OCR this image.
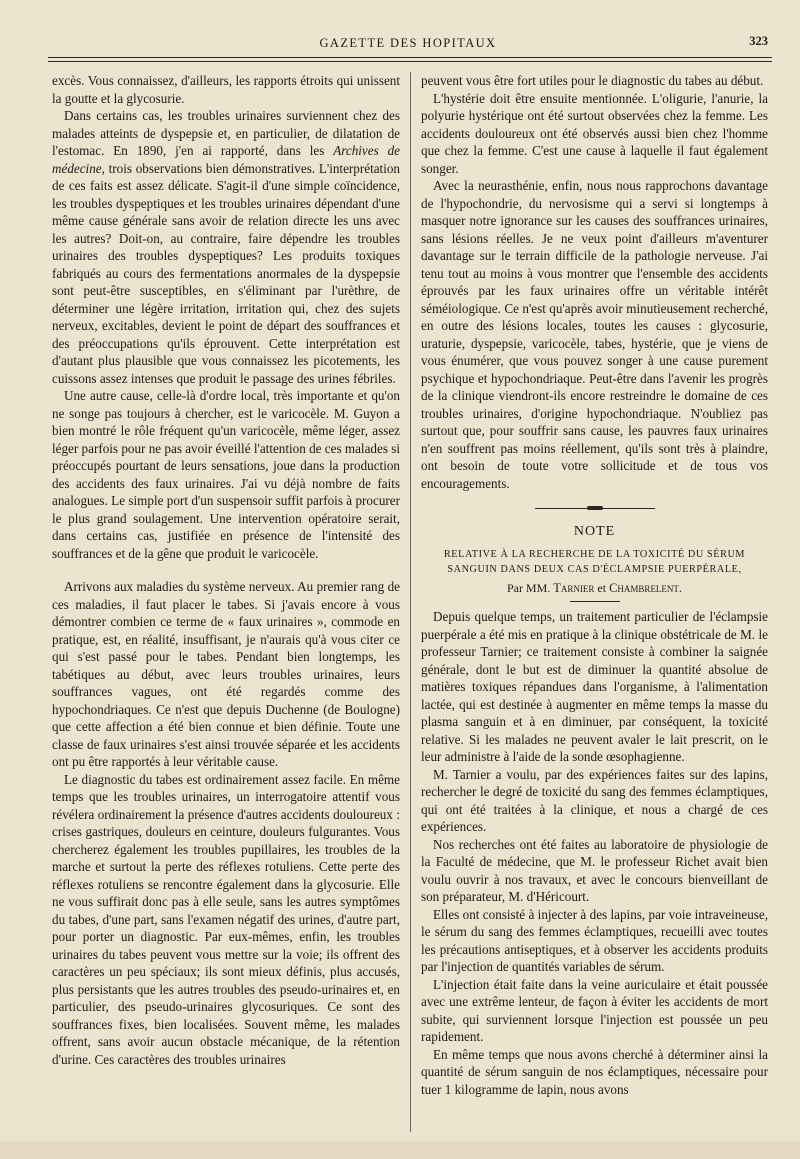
GAZETTE DES HOPITAUX	323

excès. Vous connaissez, d'ailleurs, les rapports étroits qui unissent la goutte et la glycosurie.

Dans certains cas, les troubles urinaires surviennent chez des malades atteints de dyspepsie et, en particulier, de dilatation de l'estomac. En 1890, j'en ai rapporté, dans les Archives de médecine, trois observations bien démonstratives. L'interprétation de ces faits est assez délicate. S'agit-il d'une simple coïncidence, les troubles dyspeptiques et les troubles urinaires dépendant d'une même cause générale sans avoir de relation directe les uns avec les autres? Doit-on, au contraire, faire dépendre les troubles urinaires des troubles dyspeptiques? Les produits toxiques fabriqués au cours des fermentations anormales de la dyspepsie sont peut-être susceptibles, en s'éliminant par l'urèthre, de déterminer une légère irritation, irritation qui, chez des sujets nerveux, excitables, devient le point de départ des souffrances et des préoccupations qu'ils éprouvent. Cette interprétation est d'autant plus plausible que vous connaissez les picotements, les cuissons assez intenses que produit le passage des urines fébriles.

Une autre cause, celle-là d'ordre local, très importante et qu'on ne songe pas toujours à chercher, est le varicocèle. M. Guyon a bien montré le rôle fréquent qu'un varicocèle, même léger, assez léger parfois pour ne pas avoir éveillé l'attention de ces malades si préoccupés pourtant de leurs sensations, joue dans la production des accidents des faux urinaires. J'ai vu déjà nombre de faits analogues. Le simple port d'un suspensoir suffit parfois à procurer le plus grand soulagement. Une intervention opératoire serait, dans certains cas, justifiée en présence de l'intensité des souffrances et de la gêne que produit le varicocèle.

Arrivons aux maladies du système nerveux. Au premier rang de ces maladies, il faut placer le tabes. Si j'avais encore à vous démontrer combien ce terme de « faux urinaires », commode en pratique, est, en réalité, insuffisant, je n'aurais qu'à vous citer ce qui s'est passé pour le tabes. Pendant bien longtemps, les tabétiques au début, avec leurs troubles urinaires, leurs souffrances vagues, ont été regardés comme des hypochondriaques. Ce n'est que depuis Duchenne (de Boulogne) que cette affection a été bien connue et bien définie. Toute une classe de faux urinaires s'est ainsi trouvée séparée et les accidents ont pu être rapportés à leur véritable cause.

Le diagnostic du tabes est ordinairement assez facile. En même temps que les troubles urinaires, un interrogatoire attentif vous révélera ordinairement la présence d'autres accidents douloureux : crises gastriques, douleurs en ceinture, douleurs fulgurantes. Vous chercherez également les troubles pupillaires, les troubles de la marche et surtout la perte des réflexes rotuliens. Cette perte des réflexes rotuliens se rencontre également dans la glycosurie. Elle ne vous suffirait donc pas à elle seule, sans les autres symptômes du tabes, d'une part, sans l'examen négatif des urines, d'autre part, pour porter un diagnostic. Par eux-mêmes, enfin, les troubles urinaires du tabes peuvent vous mettre sur la voie; ils offrent des caractères un peu spéciaux; ils sont mieux définis, plus accusés, plus persistants que les autres troubles des pseudo-urinaires et, en particulier, des pseudo-urinaires glycosuriques. Ce sont des souffrances fixes, bien localisées. Souvent même, les malades offrent, sans avoir aucun obstacle mécanique, de la rétention d'urine. Ces caractères des troubles urinaires

peuvent vous être fort utiles pour le diagnostic du tabes au début.

L'hystérie doit être ensuite mentionnée. L'oligurie, l'anurie, la polyurie hystérique ont été surtout observées chez la femme. Les accidents douloureux ont été observés aussi bien chez l'homme que chez la femme. C'est une cause à laquelle il faut également songer.

Avec la neurasthénie, enfin, nous nous rapprochons davantage de l'hypochondrie, du nervosisme qui a servi si longtemps à masquer notre ignorance sur les causes des souffrances urinaires, sans lésions réelles. Je ne veux point d'ailleurs m'aventurer davantage sur le terrain difficile de la pathologie nerveuse. J'ai tenu tout au moins à vous montrer que l'ensemble des accidents éprouvés par les faux urinaires offre un véritable intérêt séméiologique. Ce n'est qu'après avoir minutieusement recherché, en outre des lésions locales, toutes les causes : glycosurie, uraturie, dyspepsie, varicocèle, tabes, hystérie, que je viens de vous énumérer, que vous pouvez songer à une cause purement psychique et hypochondriaque. Peut-être dans l'avenir les progrès de la clinique viendront-ils encore restreindre le domaine de ces troubles urinaires, d'origine hypochondriaque. N'oubliez pas surtout que, pour souffrir sans cause, les pauvres faux urinaires n'en souffrent pas moins réellement, qu'ils sont très à plaindre, ont besoin de toute votre sollicitude et de tous vos encouragements.

NOTE
RELATIVE À LA RECHERCHE DE LA TOXICITÉ DU SÉRUM SANGUIN DANS DEUX CAS D'ÉCLAMPSIE PUERPÉRALE,
Par MM. Tarnier et Chambrelent.

Depuis quelque temps, un traitement particulier de l'éclampsie puerpérale a été mis en pratique à la clinique obstétricale de M. le professeur Tarnier; ce traitement consiste à combiner la saignée générale, dont le but est de diminuer la quantité absolue de matières toxiques répandues dans l'organisme, à l'alimentation lactée, qui est destinée à augmenter en même temps la masse du plasma sanguin et à en diminuer, par conséquent, la toxicité relative. Si les malades ne peuvent avaler le lait prescrit, on le leur administre à l'aide de la sonde œsophagienne.

M. Tarnier a voulu, par des expériences faites sur des lapins, rechercher le degré de toxicité du sang des femmes éclamptiques, qui ont été traitées à la clinique, et nous a chargé de ces expériences.

Nos recherches ont été faites au laboratoire de physiologie de la Faculté de médecine, que M. le professeur Richet avait bien voulu ouvrir à nos travaux, et avec le concours bienveillant de son préparateur, M. d'Héricourt.

Elles ont consisté à injecter à des lapins, par voie intraveineuse, le sérum du sang des femmes éclamptiques, recueilli avec toutes les précautions antiseptiques, et à observer les accidents produits par l'injection de quantités variables de sérum.

L'injection était faite dans la veine auriculaire et était poussée avec une extrême lenteur, de façon à éviter les accidents de mort subite, qui surviennent lorsque l'injection est poussée un peu rapidement.

En même temps que nous avons cherché à déterminer ainsi la quantité de sérum sanguin de nos éclamptiques, nécessaire pour tuer 1 kilogramme de lapin, nous avons
